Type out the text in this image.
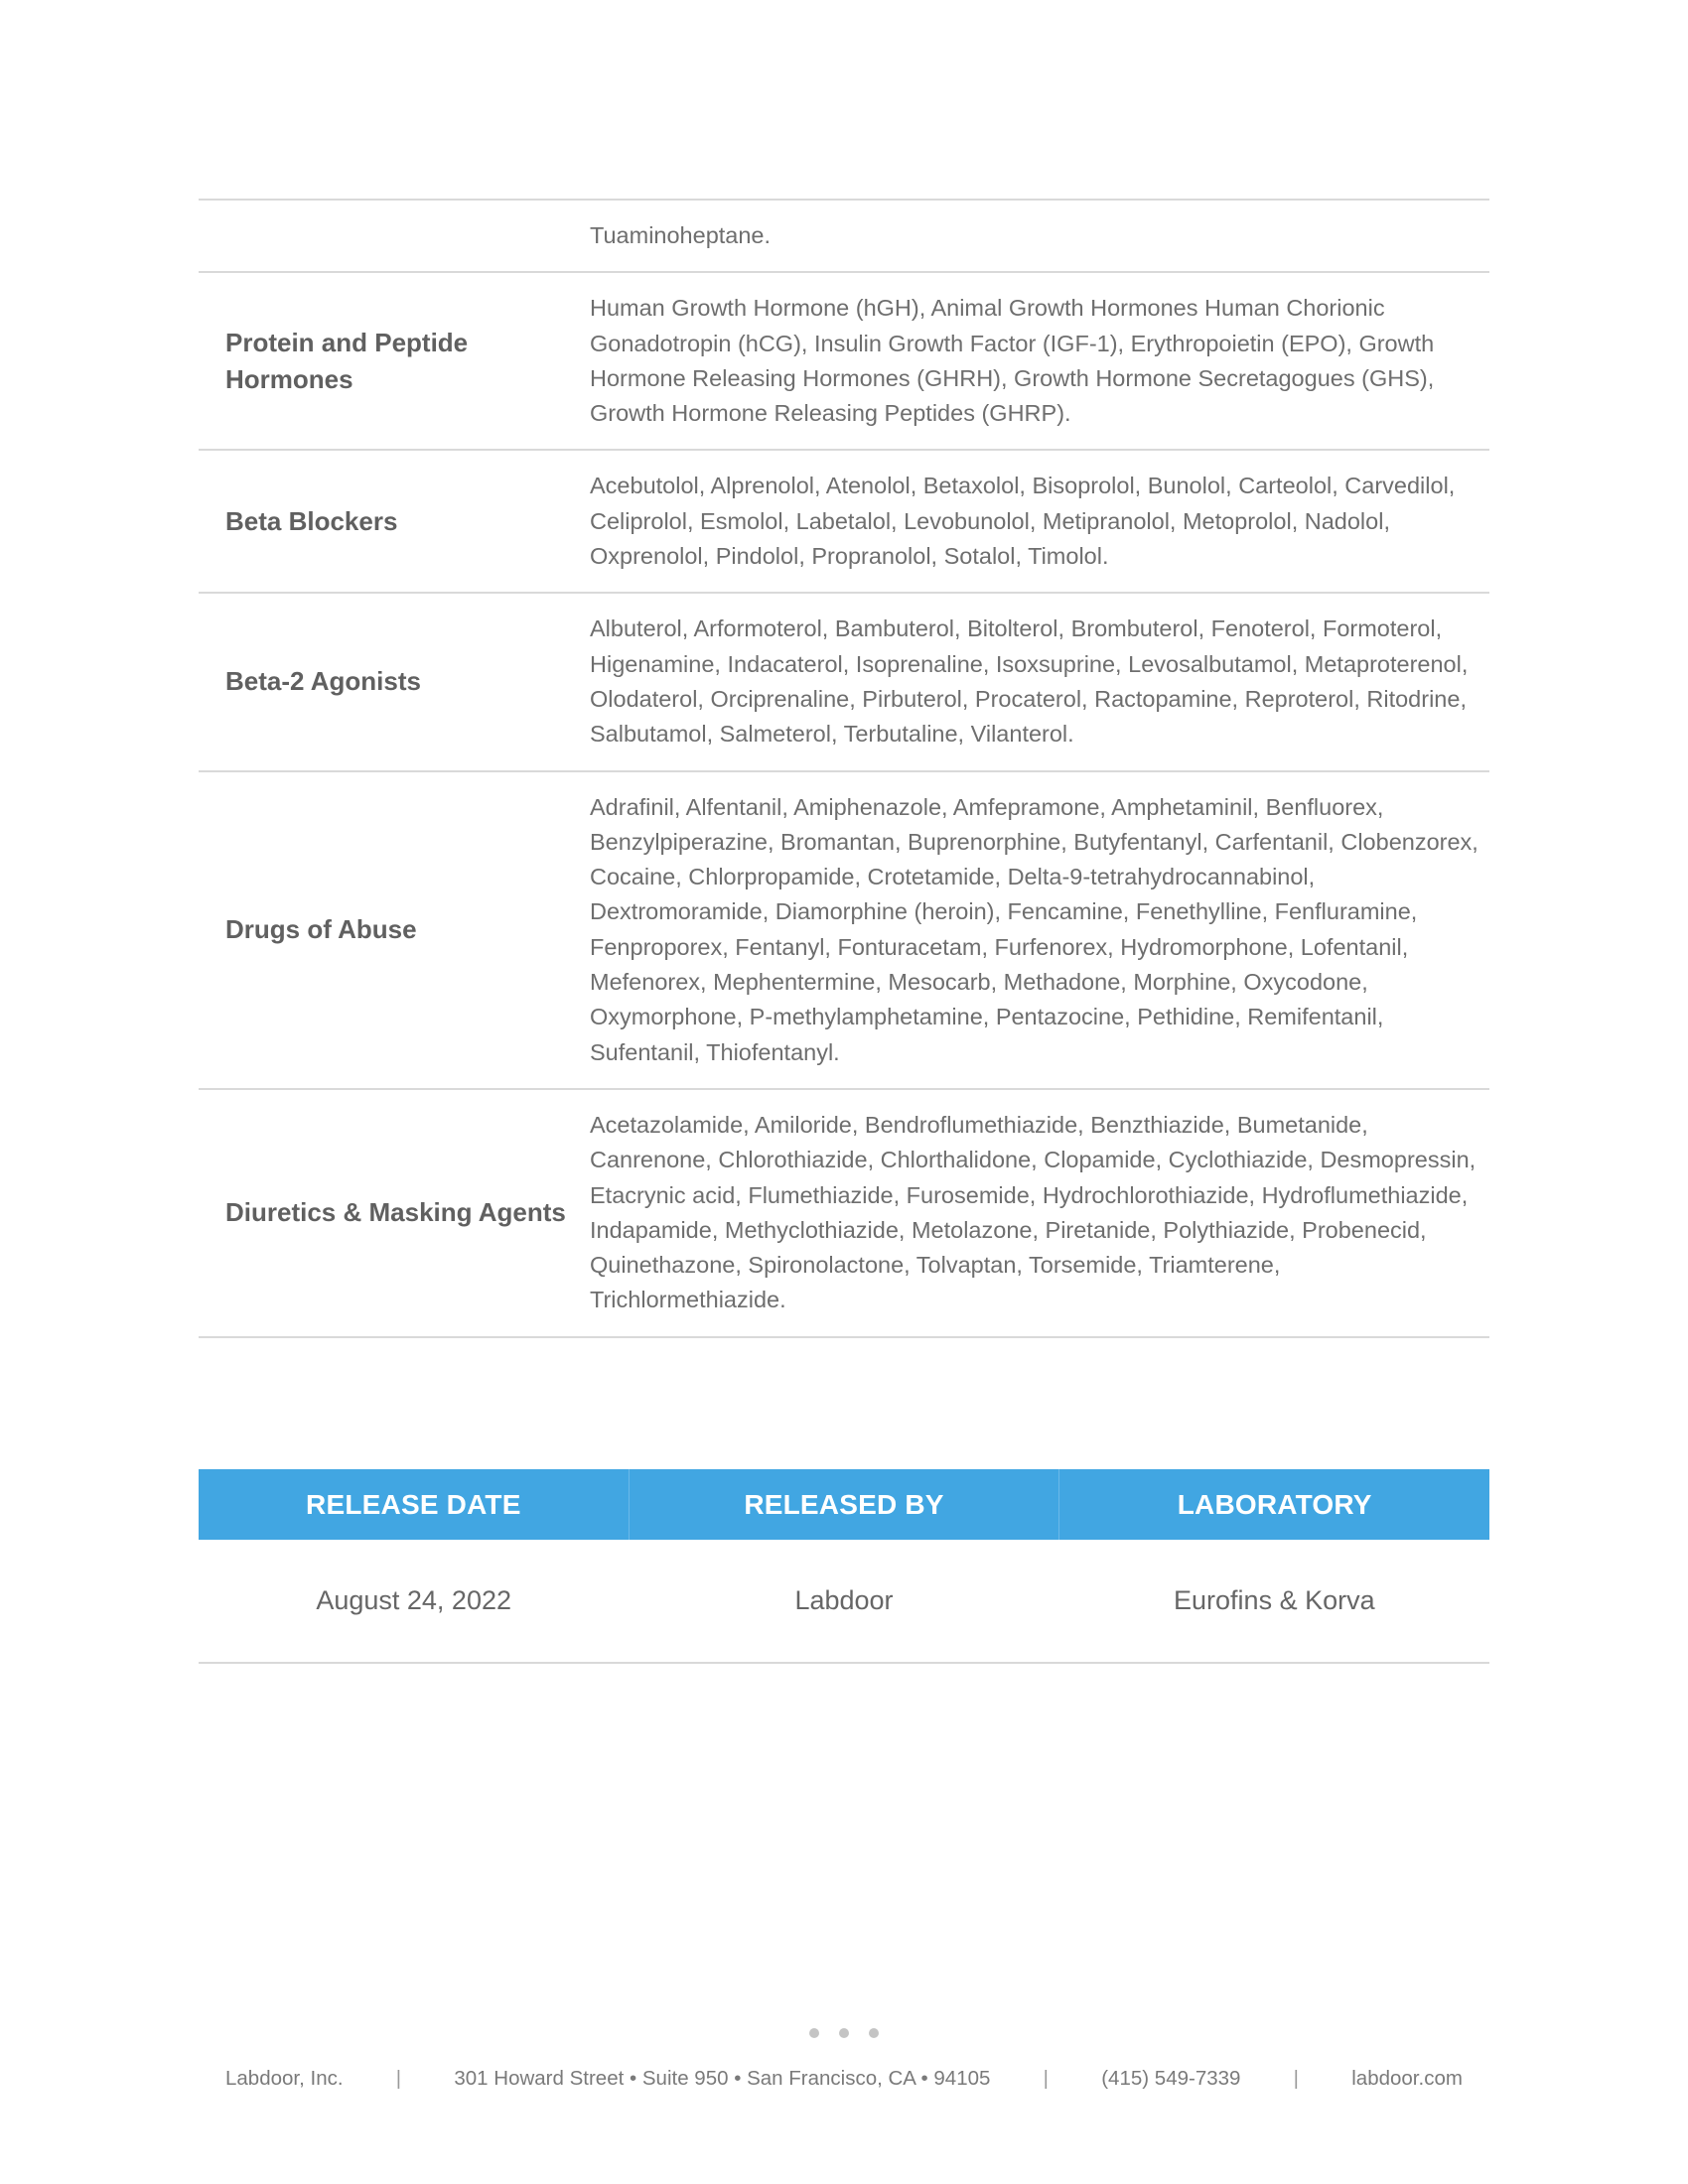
	Tuaminoheptane.
Protein and Peptide Hormones	Human Growth Hormone (hGH), Animal Growth Hormones Human Chorionic Gonadotropin (hCG), Insulin Growth Factor (IGF-1), Erythropoietin (EPO), Growth Hormone Releasing Hormones (GHRH), Growth Hormone Secretagogues (GHS), Growth Hormone Releasing Peptides (GHRP).
Beta Blockers	Acebutolol, Alprenolol, Atenolol, Betaxolol, Bisoprolol, Bunolol, Carteolol, Carvedilol, Celiprolol, Esmolol, Labetalol, Levobunolol, Metipranolol, Metoprolol, Nadolol, Oxprenolol, Pindolol, Propranolol, Sotalol, Timolol.
Beta-2 Agonists	Albuterol, Arformoterol, Bambuterol, Bitolterol, Brombuterol, Fenoterol, Formoterol, Higenamine, Indacaterol, Isoprenaline, Isoxsuprine, Levosalbutamol, Metaproterenol, Olodaterol, Orciprenaline, Pirbuterol, Procaterol, Ractopamine, Reproterol, Ritodrine, Salbutamol, Salmeterol, Terbutaline, Vilanterol.
Drugs of Abuse	Adrafinil, Alfentanil, Amiphenazole, Amfepramone, Amphetaminil, Benfluorex, Benzylpiperazine, Bromantan, Buprenorphine, Butyfentanyl, Carfentanil, Clobenzorex, Cocaine, Chlorpropamide, Crotetamide, Delta-9-tetrahydrocannabinol, Dextromoramide, Diamorphine (heroin), Fencamine, Fenethylline, Fenfluramine, Fenproporex, Fentanyl, Fonturacetam, Furfenorex, Hydromorphone, Lofentanil, Mefenorex, Mephentermine, Mesocarb, Methadone, Morphine, Oxycodone, Oxymorphone, P-methylamphetamine, Pentazocine, Pethidine, Remifentanil, Sufentanil, Thiofentanyl.
Diuretics & Masking Agents	Acetazolamide, Amiloride, Bendroflumethiazide, Benzthiazide, Bumetanide, Canrenone, Chlorothiazide, Chlorthalidone, Clopamide, Cyclothiazide, Desmopressin, Etacrynic acid, Flumethiazide, Furosemide, Hydrochlorothiazide, Hydroflumethiazide, Indapamide, Methyclothiazide, Metolazone, Piretanide, Polythiazide, Probenecid, Quinethazone, Spironolactone, Tolvaptan, Torsemide, Triamterene, Trichlormethiazide.
RELEASE DATE	RELEASED BY	LABORATORY
August 24, 2022	Labdoor	Eurofins & Korva
Labdoor, Inc.	|	301 Howard Street • Suite 950 • San Francisco, CA • 94105	|	(415) 549-7339	|	labdoor.com
